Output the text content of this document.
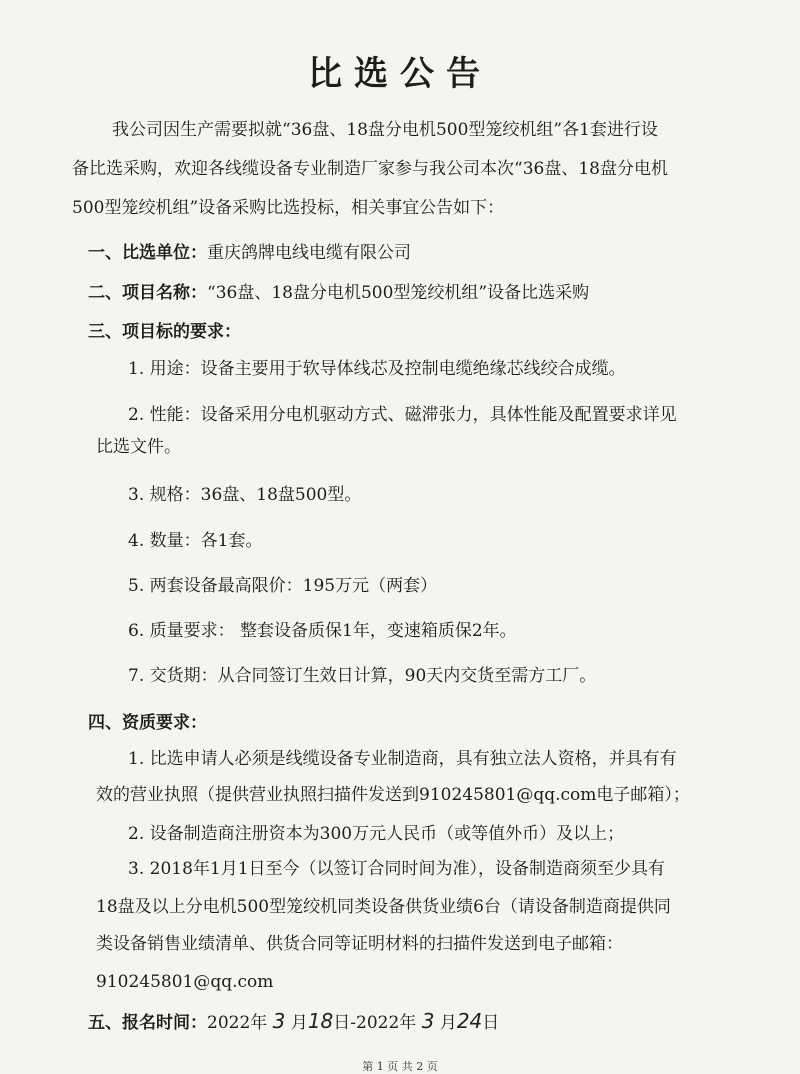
比选公告
我公司因生产需要拟就“36盘、18盘分电机500型笼绞机组”各1套进行设
备比选采购，欢迎各线缆设备专业制造厂家参与我公司本次“36盘、18盘分电机
500型笼绞机组”设备采购比选投标，相关事宜公告如下：
一、比选单位：重庆鸽牌电线电缆有限公司
二、项目名称：“36盘、18盘分电机500型笼绞机组”设备比选采购
三、项目标的要求：
1. 用途：设备主要用于软导体线芯及控制电缆绝缘芯线绞合成缆。
2. 性能：设备采用分电机驱动方式、磁滞张力，具体性能及配置要求详见
比选文件。
3. 规格：36盘、18盘500型。
4. 数量：各1套。
5. 两套设备最高限价：195万元（两套）
6. 质量要求： 整套设备质保1年，变速箱质保2年。
7. 交货期：从合同签订生效日计算，90天内交货至需方工厂。
四、资质要求：
1. 比选申请人必须是线缆设备专业制造商，具有独立法人资格，并具有有
效的营业执照（提供营业执照扫描件发送到910245801@qq.com电子邮箱）；
2. 设备制造商注册资本为300万元人民币（或等值外币）及以上；
3. 2018年1月1日至今（以签订合同时间为准），设备制造商须至少具有
18盘及以上分电机500型笼绞机同类设备供货业绩6台（请设备制造商提供同
类设备销售业绩清单、供货合同等证明材料的扫描件发送到电子邮箱：
910245801@qq.com
五、报名时间：2022年 3 月18日-2022年 3 月24日
第 1 页 共 2 页
